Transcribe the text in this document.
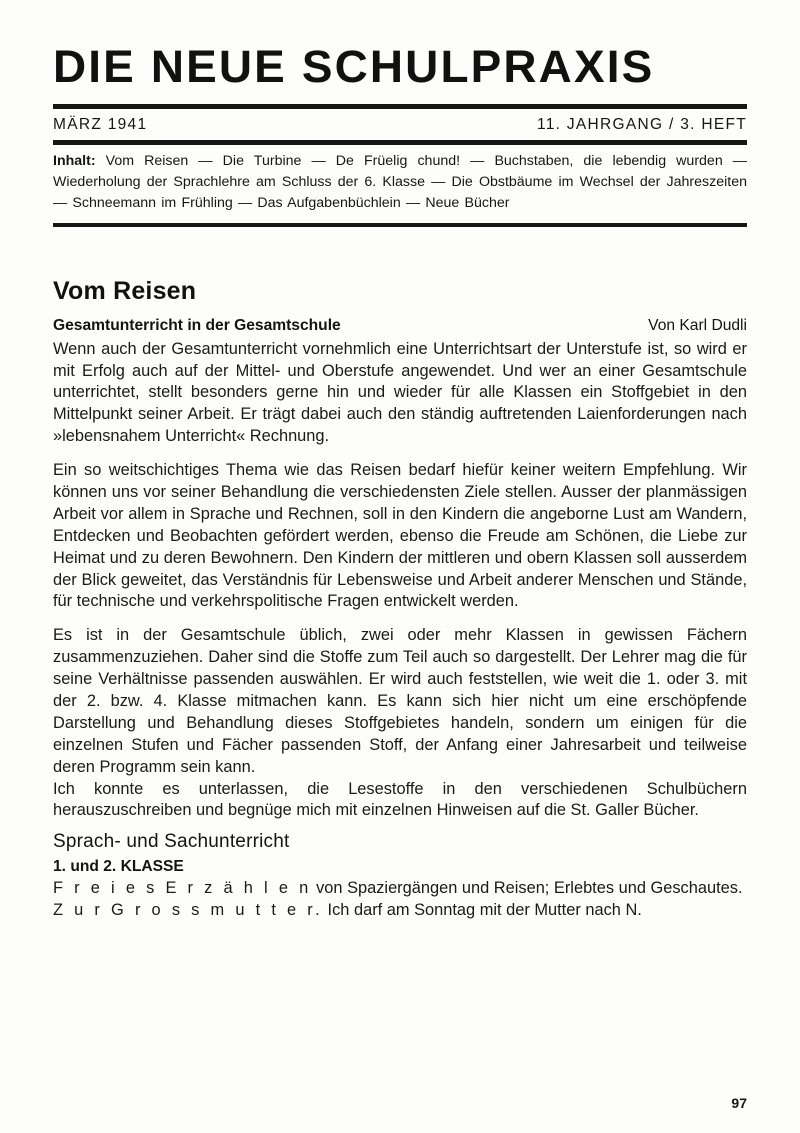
DIE NEUE SCHULPRAXIS
MÄRZ 1941	11. JAHRGANG / 3. HEFT
Inhalt: Vom Reisen — Die Turbine — De Früelig chund! — Buchstaben, die lebendig wurden — Wiederholung der Sprachlehre am Schluss der 6. Klasse — Die Obstbäume im Wechsel der Jahreszeiten — Schneemann im Frühling — Das Aufgabenbüchlein — Neue Bücher
Vom Reisen
Gesamtunterricht in der Gesamtschule	Von Karl Dudli

Wenn auch der Gesamtunterricht vornehmlich eine Unterrichtsart der Unterstufe ist, so wird er mit Erfolg auch auf der Mittel- und Oberstufe angewendet. Und wer an einer Gesamtschule unterrichtet, stellt besonders gerne hin und wieder für alle Klassen ein Stoffgebiet in den Mittelpunkt seiner Arbeit. Er trägt dabei auch den ständig auftretenden Laienforderungen nach »lebensnahem Unterricht« Rechnung.

Ein so weitschichtiges Thema wie das Reisen bedarf hiefür keiner weitern Empfehlung. Wir können uns vor seiner Behandlung die verschiedensten Ziele stellen. Ausser der planmässigen Arbeit vor allem in Sprache und Rechnen, soll in den Kindern die angeborne Lust am Wandern, Entdecken und Beobachten gefördert werden, ebenso die Freude am Schönen, die Liebe zur Heimat und zu deren Bewohnern. Den Kindern der mittleren und obern Klassen soll ausserdem der Blick geweitet, das Verständnis für Lebensweise und Arbeit anderer Menschen und Stände, für technische und verkehrspolitische Fragen entwickelt werden.

Es ist in der Gesamtschule üblich, zwei oder mehr Klassen in gewissen Fächern zusammenzuziehen. Daher sind die Stoffe zum Teil auch so dargestellt. Der Lehrer mag die für seine Verhältnisse passenden auswählen. Er wird auch feststellen, wie weit die 1. oder 3. mit der 2. bzw. 4. Klasse mitmachen kann. Es kann sich hier nicht um eine erschöpfende Darstellung und Behandlung dieses Stoffgebietes handeln, sondern um einigen für die einzelnen Stufen und Fächer passenden Stoff, der Anfang einer Jahresarbeit und teilweise deren Programm sein kann.

Ich konnte es unterlassen, die Lesestoffe in den verschiedenen Schulbüchern herauszuschreiben und begnüge mich mit einzelnen Hinweisen auf die St. Galler Bücher.

Sprach- und Sachunterricht
1. und 2. KLASSE

F r e i e s E r z ä h l e n von Spaziergängen und Reisen; Erlebtes und Geschautes.

Z u r G r o s s m u t t e r. Ich darf am Sonntag mit der Mutter nach N.

97
